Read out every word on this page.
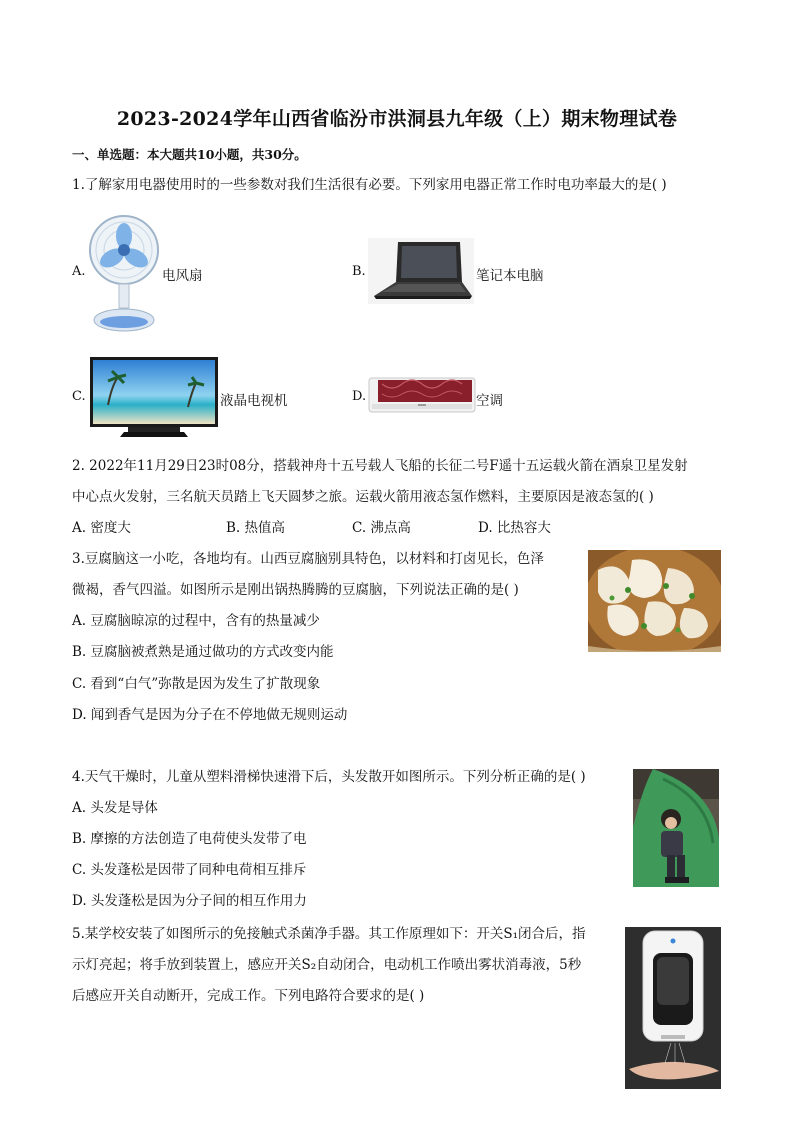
2023-2024学年山西省临汾市洪洞县九年级（上）期末物理试卷
一、单选题：本大题共10小题，共30分。
1.了解家用电器使用时的一些参数对我们生活很有必要。下列家用电器正常工作时电功率最大的是( )
A.	电风扇	B.	笔记本电脑
C.	液晶电视机	D.	空调
2. 2022年11月29日23时08分，搭载神舟十五号载人飞船的长征二号F遥十五运载火箭在酒泉卫星发射
中心点火发射，三名航天员踏上飞天圆梦之旅。运载火箭用液态氢作燃料，主要原因是液态氢的( )
A. 密度大	B. 热值高	C. 沸点高	D. 比热容大
3.豆腐脑这一小吃，各地均有。山西豆腐脑别具特色，以材料和打卤见长，色泽
微褐，香气四溢。如图所示是刚出锅热腾腾的豆腐脑，下列说法正确的是( )
A. 豆腐脑晾凉的过程中，含有的热量减少
B. 豆腐脑被煮熟是通过做功的方式改变内能
C. 看到“白气”弥散是因为发生了扩散现象
D. 闻到香气是因为分子在不停地做无规则运动
4.天气干燥时，儿童从塑料滑梯快速滑下后，头发散开如图所示。下列分析正确的是( )
A. 头发是导体
B. 摩擦的方法创造了电荷使头发带了电
C. 头发蓬松是因带了同种电荷相互排斥
D. 头发蓬松是因为分子间的相互作用力
5.某学校安装了如图所示的免接触式杀菌净手器。其工作原理如下：开关S₁闭合后，指
示灯亮起；将手放到装置上，感应开关S₂自动闭合，电动机工作喷出雾状消毒液，5秒
后感应开关自动断开，完成工作。下列电路符合要求的是( )
